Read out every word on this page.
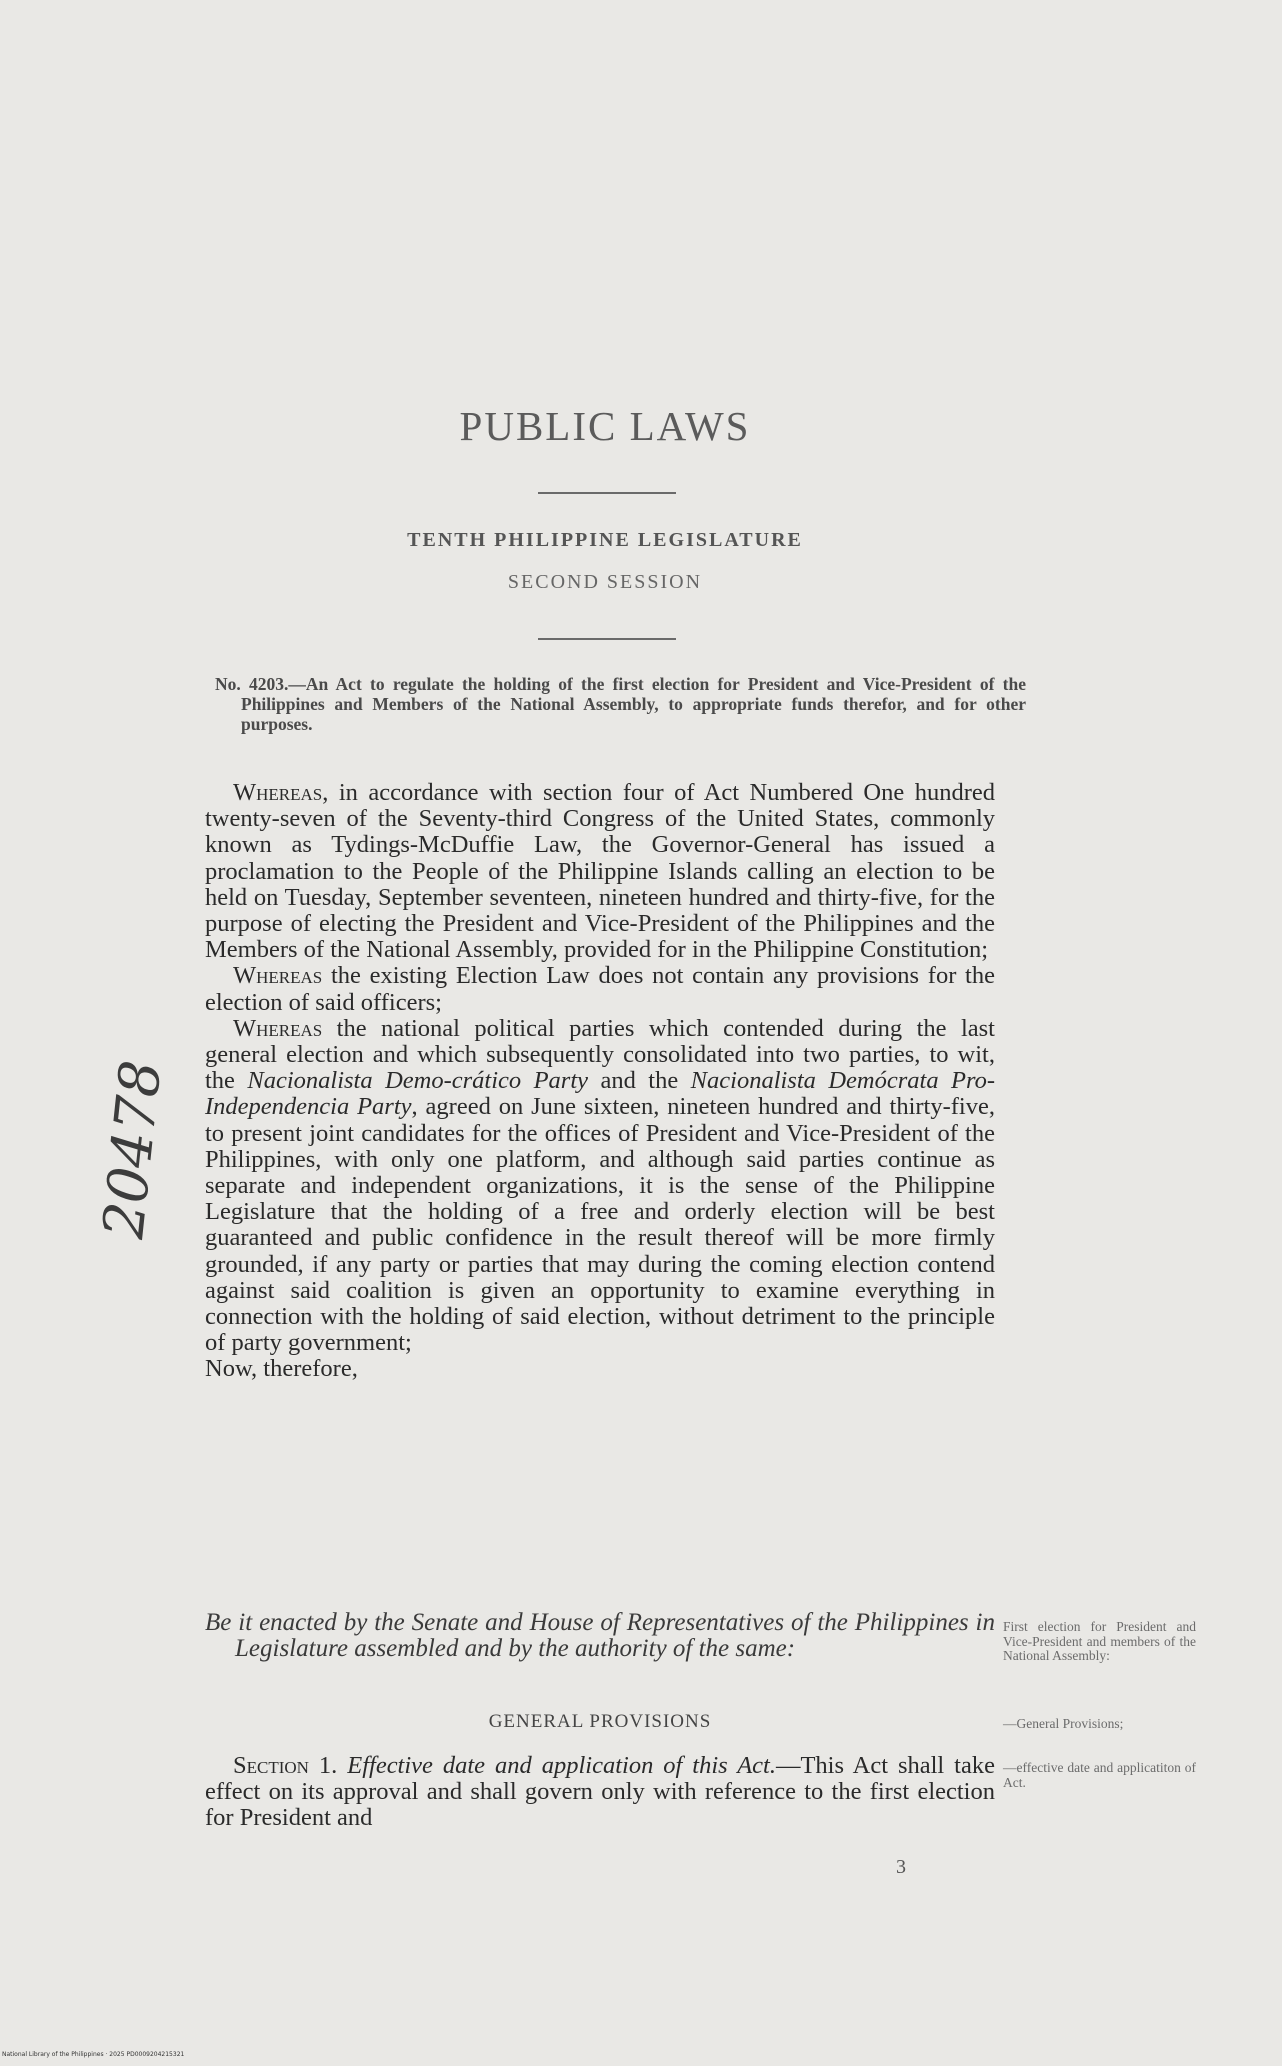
PUBLIC LAWS
TENTH PHILIPPINE LEGISLATURE
SECOND SESSION
No. 4203.—An Act to regulate the holding of the first election for President and Vice-President of the Philippines and Members of the National Assembly, to appropriate funds therefor, and for other purposes.

Whereas, in accordance with section four of Act Numbered One hundred twenty-seven of the Seventy-third Congress of the United States, commonly known as Tydings-McDuffie Law, the Governor-General has issued a proclamation to the People of the Philippine Islands calling an election to be held on Tuesday, September seventeen, nineteen hundred and thirty-five, for the purpose of electing the President and Vice-President of the Philippines and the Members of the National Assembly, provided for in the Philippine Constitution;

Whereas the existing Election Law does not contain any provisions for the election of said officers;

Whereas the national political parties which contended during the last general election and which subsequently consolidated into two parties, to wit, the Nacionalista Demo-crático Party and the Nacionalista Demócrata Pro-Independencia Party, agreed on June sixteen, nineteen hundred and thirty-five, to present joint candidates for the offices of President and Vice-President of the Philippines, with only one platform, and although said parties continue as separate and independent organizations, it is the sense of the Philippine Legislature that the holding of a free and orderly election will be best guaranteed and public confidence in the result thereof will be more firmly grounded, if any party or parties that may during the coming election contend against said coalition is given an opportunity to examine everything in connection with the holding of said election, without detriment to the principle of party government;

Now, therefore,

Be it enacted by the Senate and House of Representatives of the Philippines in Legislature assembled and by the authority of the same:
GENERAL PROVISIONS

Section 1. Effective date and application of this Act.—This Act shall take effect on its approval and shall govern only with reference to the first election for President and

First election for President and Vice-President and members of the National Assembly:
—General Provisions;
—effective date and applicatiton of Act.
3
20478
National Library of the Philippines · 2025 PD0009204215321
